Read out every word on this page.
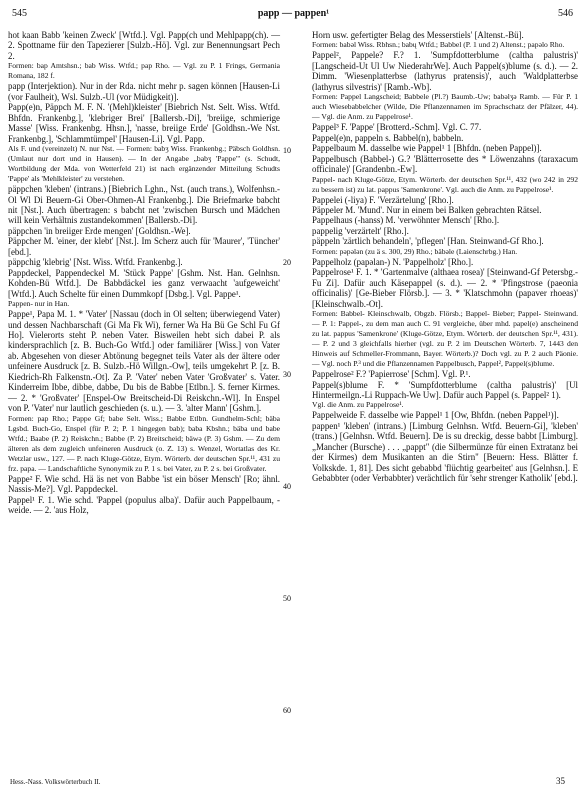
545	papp — pappen¹	546

hot kaan Babb 'keinen Zweck' [Wtfd.]. Vgl. Papp(ch und Mehlpapp(ch). — 2. Spottname für den Tapezierer [Sulzb.-Hö]. Vgl. zur Benennungsart Pech 2.

Formen: bap Amtshsn.; bab Wiss. Wtfd.; pap Rho. — Vgl. zu P. 1 Frings, Germania Romana, 182 f.

papp (Interjektion). Nur in der Rda. nicht mehr p. sagen können [Hausen-Li (vor Faulheit), Wsl. Sulzb.-Ul (vor Müdigkeit)].

Papp(e)n, Päppch M. F. N. '(Mehl)kleister' [Biebrich Nst. Selt. Wiss. Wtfd. Bhfdn. Frankenbg.], 'klebriger Brei' [Ballersb.-Di], 'breiige, schmierige Masse' [Wiss. Frankenbg. Hhsn.], 'nasse, breiige Erde' [Goldhsn.-We Nst. Frankenbg.], 'Schlammtümpel' [Hausen-Li]. Vgl. Papp.

Als F. und (vereinzelt) N. nur Nst. — Formen: babʒ Wiss. Frankenbg.; Päbsch Goldhsn. (Umlaut nur dort und in Hausen). — In der Angabe „babʒ 'Pappe'" (s. Schudt, Wortbildung der Mda. von Wetterfeld 21) ist nach ergänzender Mitteilung Schudts 'Pappe' als 'Mehlkleister' zu verstehen.

päppchen 'kleben' (intrans.) [Biebrich Lghn., Nst. (auch trans.), Wolfenhsn.-Ol Wl Di Beuern-Gi Ober-Ohmen-Al Frankenbg.]. Die Briefmarke babcht nit [Nst.]. Auch übertragen: s babcht net 'zwischen Bursch und Mädchen will kein Verhältnis zustandekommen' [Ballersb.-Di].

päppchen 'in breiiger Erde mengen' [Goldhsn.-We].

Päppcher M. 'einer, der klebt' [Nst.]. Im Scherz auch für 'Maurer', 'Tüncher' [ebd.].

päppchig 'klebrig' [Nst. Wiss. Wtfd. Frankenbg.].

Pappdeckel, Pappendeckel M. 'Stück Pappe' [Gshm. Nst. Han. Gelnhsn. Kohden-Bü Wtfd.]. De Babbdäckel ies ganz verwaacht 'aufgeweicht' [Wtfd.]. Auch Schelte für einen Dummkopf [Dsbg.]. Vgl. Pappe¹.

Pappen- nur in Han.

Pappe¹, Papa M. 1. * 'Vater' [Nassau (doch in Ol selten; überwiegend Vater) und dessen Nachbarschaft (Gi Ma Fk Wi), ferner Wa Ha Bü Ge Schl Fu Gf Ho]. Vielerorts steht P. neben Vater. Bisweilen hebt sich dabei P. als kindersprachlich [z. B. Buch-Go Wtfd.] oder familiärer [Wiss.] von Vater ab. Abgesehen von dieser Abtönung begegnet teils Vater als der ältere oder unfeinere Ausdruck [z. B. Sulzb.-Hö Willgn.-Ow], teils umgekehrt P. [z. B. Kiedrich-Rh Falkenstn.-Ot]. Za P. 'Vater' neben Vater 'Großvater' s. Vater. Kinderreim Ibbe, dibbe, dabbe, Du bis de Babbe [Etlbn.]. S. ferner Kirmes. — 2. * 'Großvater' [Enspel-Ow Breitscheid-Di Reiskchn.-Wl]. In Enspel von P. 'Vater' nur lautlich geschieden (s. u.). — 3. 'alter Mann' [Gshm.].

Formen: pap Rho.; Pappe Gf; babe Selt. Wiss.; Babbe Etlbn. Gundhelm-Schl; bäba Lgsbd. Buch-Go, Enspel (für P. 2; P. 1 hingegen bab); baba Kbshn.; bäba und babe Wtfd.; Baabe (P. 2) Reiskchn.; Babbe (P. 2) Breitscheid; bäwə (P. 3) Gshm. — Zu dem älteren als dem zugleich unfeineren Ausdruck (o. Z. 13) s. Wenzel, Wortatlas des Kr. Wetzlar usw., 127. — P. nach Kluge-Götze, Etym. Wörterb. der deutschen Spr.¹¹, 431 zu frz. papa. — Landschaftliche Synonymik zu P. 1 s. bei Vater, zu P. 2 s. bei Großvater.

Pappe² F. Wie schd. Hä äs net von Babbe 'ist ein böser Mensch' [Ro; ähnl. Nassis-Me?]. Vgl. Pappdeckel.

Pappel¹ F. 1. Wie schd. 'Pappel (populus alba)'. Dafür auch Pappelbaum, -weide. — 2. 'aus Holz,

10
20
30
40
50
60

Horn usw. gefertigter Belag des Messerstiels' [Altenst.-Bü].

Formen: babəl Wiss. Rbhsn.; babų Wtfd.; Babbel (P. 1 und 2) Altenst.; papəlo Rho.

Pappel², Pappele? F.? 1. 'Sumpfdotterblume (caltha palustris)' [Langscheid-Ut Ul Uw NiederahrWe]. Auch Pappel(s)blume (s. d.). — 2. Dimm. 'Wiesenplatterbse (lathyrus pratensis)', auch 'Waldplatterbse (lathyrus silvestris)' [Ramb.-Wb].

Formen: Pappel Langscheid; Babbele (Pl.?) Baumb.-Uw; babəlʒə Ramb. — Für P. 1 auch Wiesebabbelcher (Wilde, Die Pflanzennamen im Sprachschatz der Pfälzer, 44). — Vgl. die Anm. zu Pappelrose¹.

Pappel³ F. 'Pappe' [Brotterd.-Schm]. Vgl. C. 77.

Pappel(e)n, pappeln s. Babbel(n), babbeln.

Pappelbaum M. dasselbe wie Pappel¹ 1 [Bhfdn. (neben Pappel)].

Pappelbusch (Babbel-) G.? 'Blätterrosette des * Löwenzahns (taraxacum officinale)' [Grandenbn.-Ew].

Pappel- nach Kluge-Götze, Etym. Wörterb. der deutschen Spr.¹¹, 432 (wo 242 in 292 zu bessern ist) zu lat. pappus 'Samenkrone'. Vgl. auch die Anm. zu Pappelrose¹.

Pappelei (-liya) F. 'Verzärtelung' [Rho.].

Päppeler M. 'Mund'. Nur in einem bei Balken gebrachten Rätsel.

Pappelhaus (-hanss) M. 'verwöhnter Mensch' [Rho.].

pappelig 'verzärtelt' [Rho.].

päppeln 'zärtlich behandeln', 'pflegen' [Han. Steinwand-Gf Rho.].

Formen: pəpələn (zu ä s. 300, 29) Rho.; bäbəle (Laienschrbg.) Han.

Pappelholz (papəlan-) N. 'Pappelholz' [Rho.].

Pappelrose¹ F. 1. * 'Gartenmalve (althaea rosea)' [Steinwand-Gf Petersbg.-Fu Zi]. Dafür auch Käsepappel (s. d.). — 2. * 'Pfingstrose (paeonia officinalis)' [Ge-Bieber Flörsb.]. — 3. * 'Klatschmohn (papaver rhoeas)' [Kleinschwalb.-Ot].

Formen: Babbel- Kleinschwalb, Obgzb. Flörsb.; Bappel- Bieber; Pappel- Steinwand. — P. 1: Pappel-, zu dem man auch C. 91 vergleiche, über mhd. papel(e) anscheinend zu lat. pappus 'Samenkrone' (Kluge-Götze, Etym. Wörterb. der deutschen Spr.¹¹, 431). — P. 2 und 3 gleichfalls hierher (vgl. zu P. 2 im Deutschen Wörterb. 7, 1443 den Hinweis auf Schmeller-Frommann, Bayer. Wörterb.)? Doch vgl. zu P. 2 auch Päonie. — Vgl. noch P.³ und die Pflanzennamen Pappelbusch, Pappel², Pappel(s)blume.

Pappelrose² F.? 'Papierrose' [Schm]. Vgl. P.¹.

Pappel(s)blume F. * 'Sumpfdotterblume (caltha palustris)' [Ul Hintermeilgn.-Li Ruppach-We Uw]. Dafür auch Pappel (s. Pappel² 1).

Vgl. die Anm. zu Pappelrose¹.

Pappelweide F. dasselbe wie Pappel¹ 1 [Ow, Bhfdn. (neben Pappel¹)].

pappen¹ 'kleben' (intrans.) [Limburg Gelnhsn. Wtfd. Beuern-Gi], 'kleben' (trans.) [Gelnhsn. Wtfd. Beuern]. De is su dreckig, desse babbt [Limburg]. „Mancher (Bursche) . . . „pappt" (die Silbermünze für einen Extratanz bei der Kirmes) dem Musikanten an die Stirn" [Beuern: Hess. Blätter f. Volkskde. 1, 81]. Des sicht gebabbd 'flüchtig gearbeitet' aus [Gelnhsn.]. E Gebabbter (oder Verbabbter) verächtlich für 'sehr strenger Katholik' [ebd.].

Hess.-Nass. Volkswörterbuch II.	35
